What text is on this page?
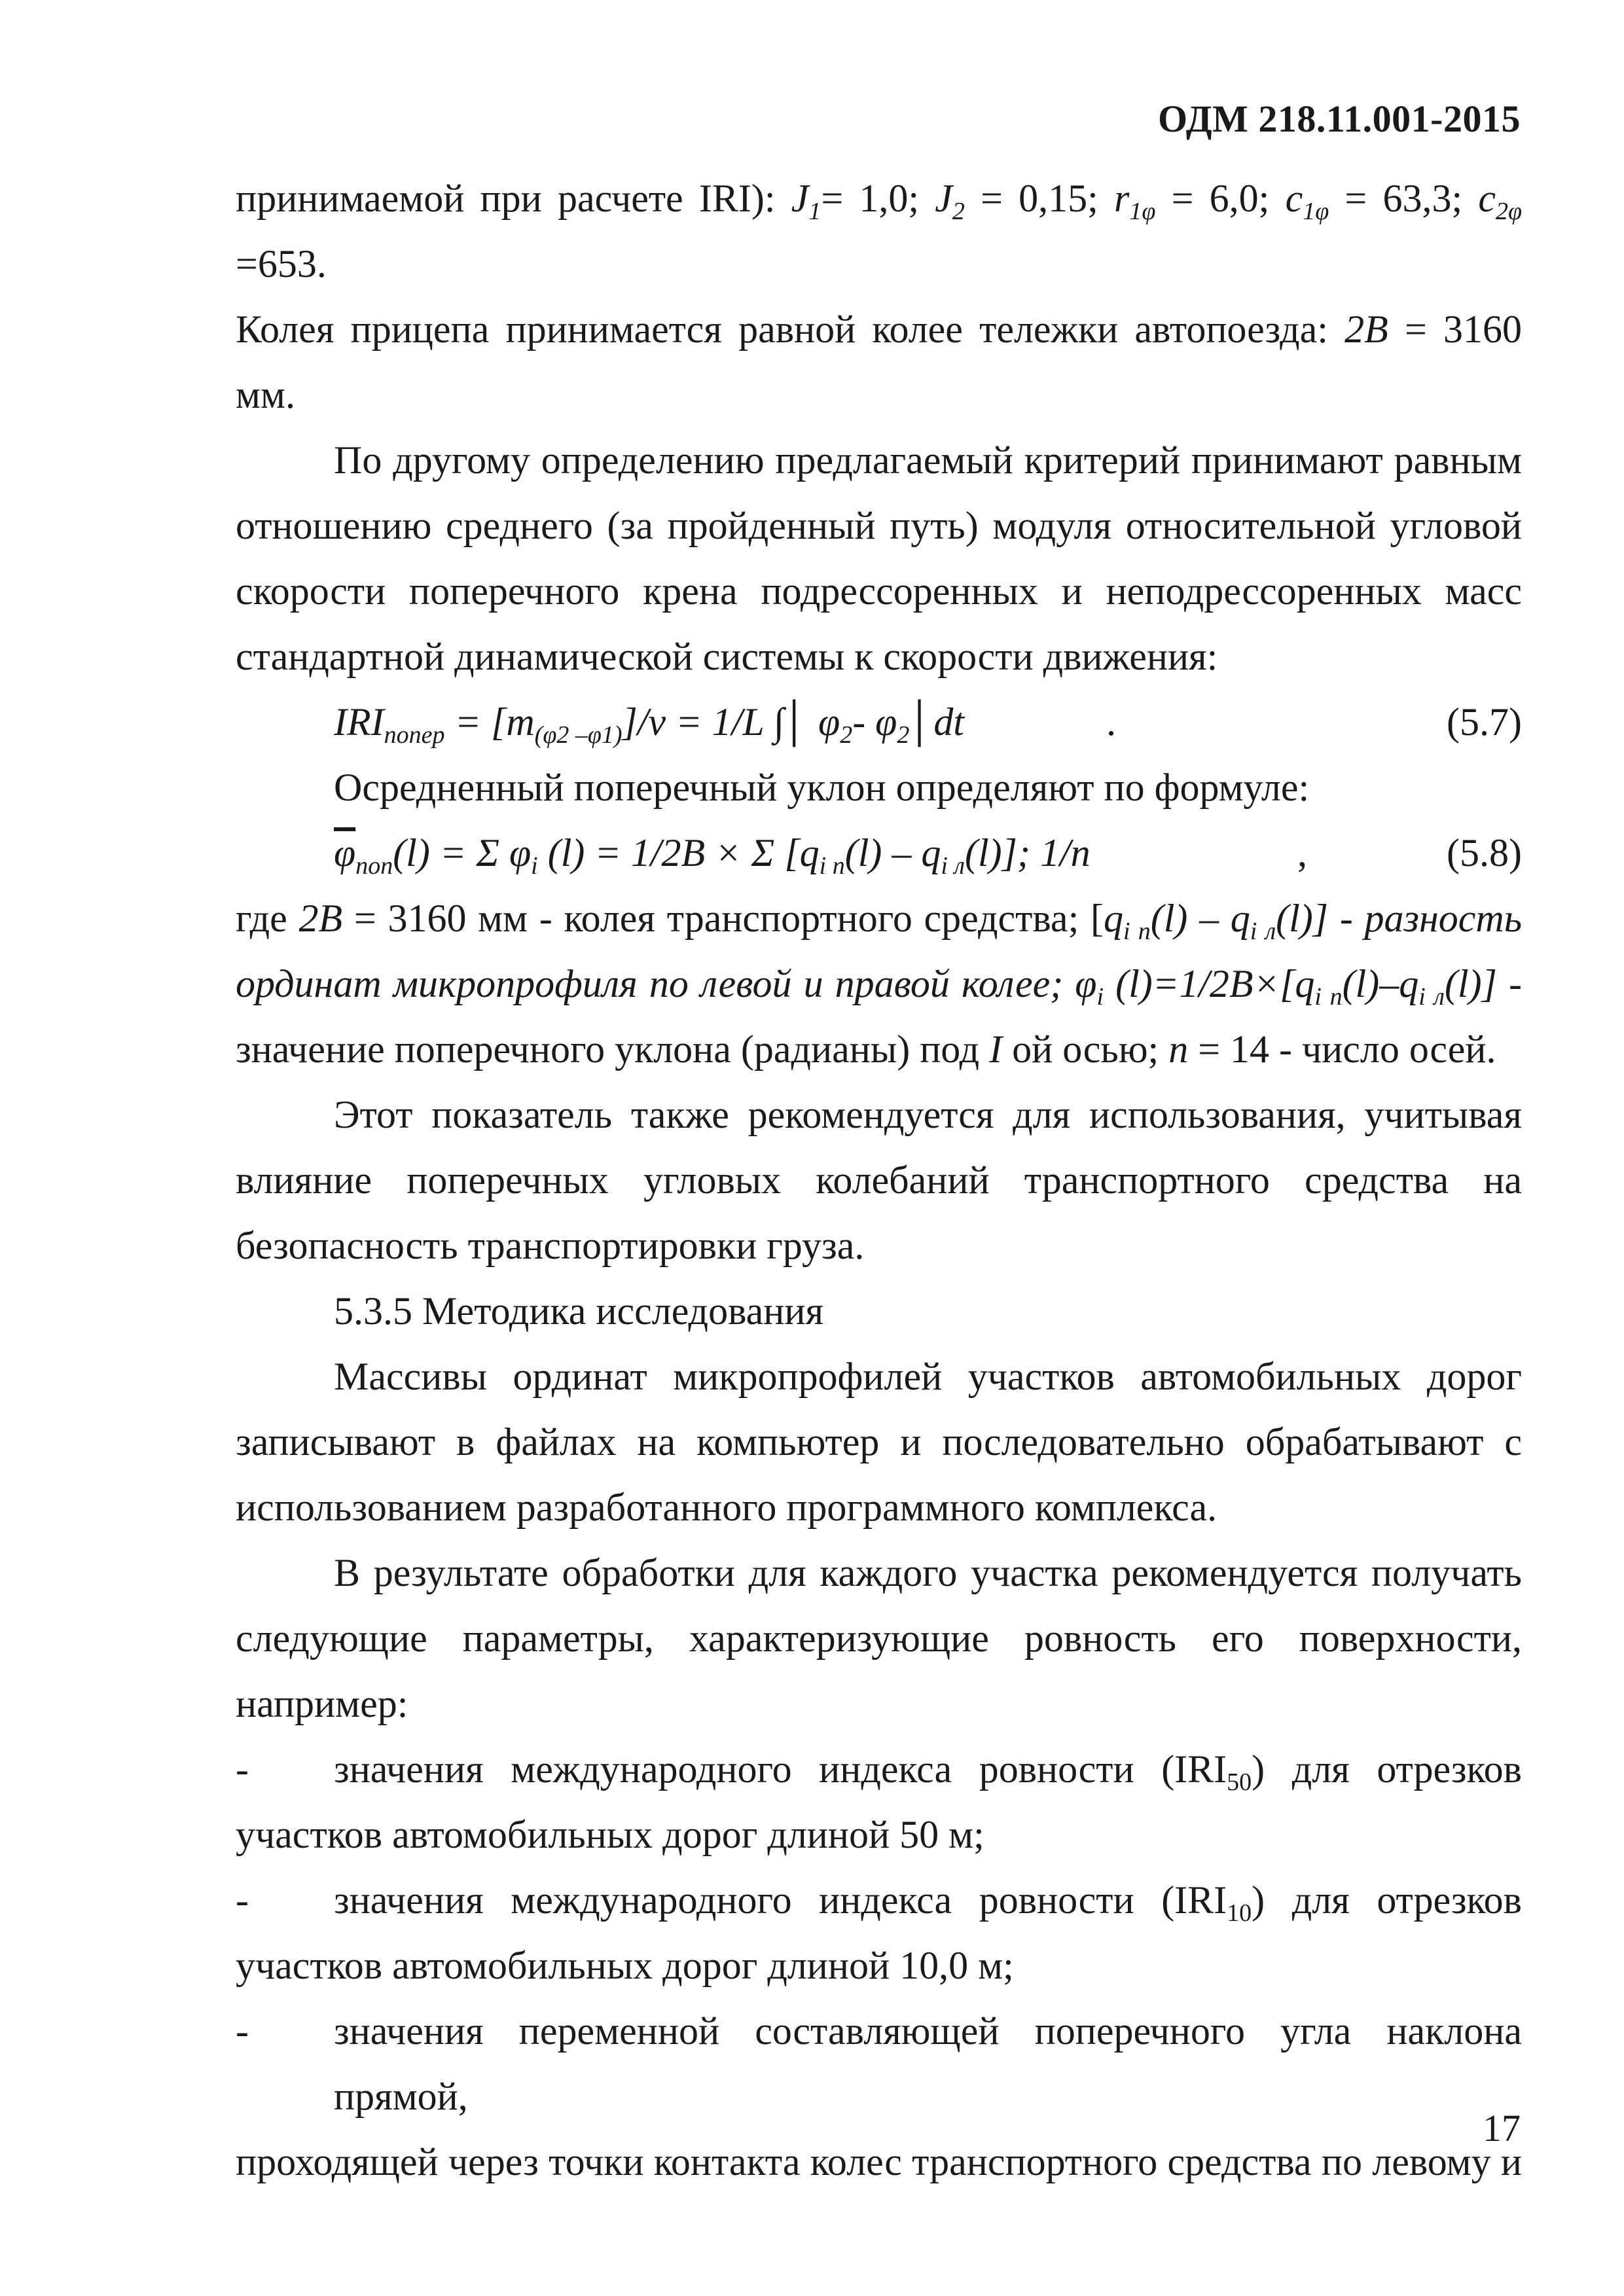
ОДМ 218.11.001-2015

принимаемой при расчете IRI): $J_1= 1,0$; $J_2 = 0,15$; $r_{1\varphi} = 6,0$; $c_{1\varphi} = 63,3$; $c_{2\varphi} =653$.
Колея прицепа принимается равной колее тележки автопоезда: 2B = 3160 мм.

По другому определению предлагаемый критерий принимают равным отношению среднего (за пройденный путь) модуля относительной угловой скорости поперечного крена подрессоренных и неподрессоренных масс стандартной динамической системы к скорости движения:

$IRI_{попер} = [m_{(\varphi 2 -\varphi 1)}]/v = 1/L$ ∫│ $\varphi_2-$ $\varphi_2│dt$	.	(5.7)

Осредненный поперечный уклон определяют по формуле:

$\overline{\varphi}_{поп}(l) = \Sigma$ $\varphi_i$ (l) = 1/2B × Σ $[q_{i п}(l) - q_{i л}(l)]$; 1/n	,	(5.8)

где 2B = 3160 мм - колея транспортного средства; $[q_{i п}(l) - q_{i л}(l)]$ - разность ординат микропрофиля по левой и правой колее; $\varphi_i$ $(l)=1/2B\times[q_{i п}(l)-q_{i л}(l)]$ - значение поперечного уклона (радианы) под I ой осью; n = 14 - число осей.

Этот показатель также рекомендуется для использования, учитывая влияние поперечных угловых колебаний транспортного средства на безопасность транспортировки груза.

5.3.5 Методика исследования

Массивы ординат микропрофилей участков автомобильных дорог записывают в файлах на компьютер и последовательно обрабатывают с использованием разработанного программного комплекса.

В результате обработки для каждого участка рекомендуется получать следующие параметры, характеризующие ровность его поверхности, например:

-	значения международного индекса ровности $(IRI_{50})$ для отрезков

участков автомобильных дорог длиной 50 м;

-	значения международного индекса ровности $(IRI_{10})$ для отрезков

участков автомобильных дорог длиной 10,0 м;

-	значения переменной составляющей поперечного угла наклона прямой,

проходящей через точки контакта колес транспортного средства по левому и

17
